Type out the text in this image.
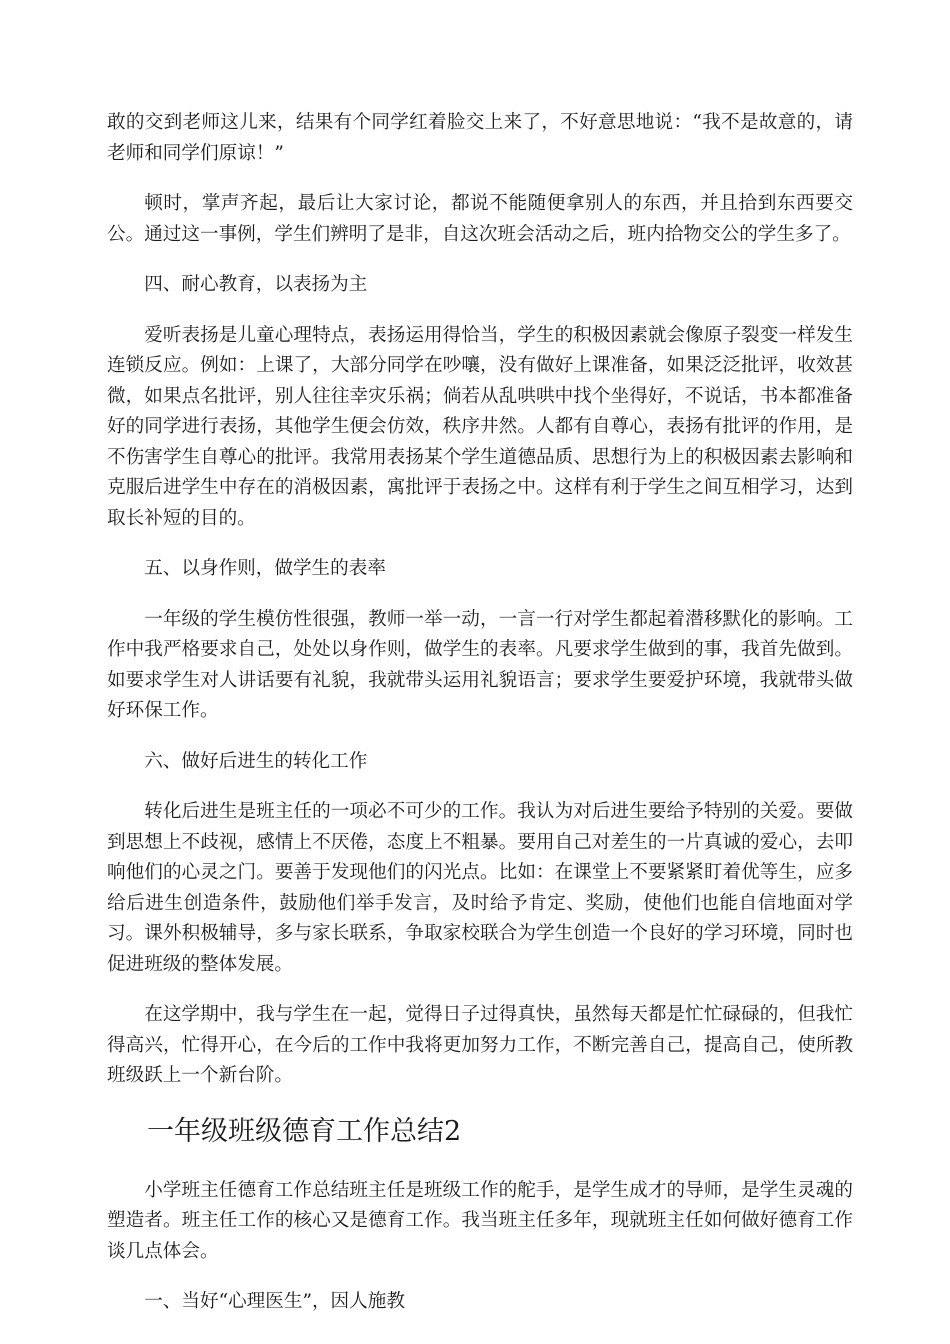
敢的交到老师这儿来，结果有个同学红着脸交上来了，不好意思地说：“我不是故意的，请老师和同学们原谅！”

顿时，掌声齐起，最后让大家讨论，都说不能随便拿别人的东西，并且拾到东西要交公。通过这一事例，学生们辨明了是非，自这次班会活动之后，班内拾物交公的学生多了。

四、耐心教育，以表扬为主

爱听表扬是儿童心理特点，表扬运用得恰当，学生的积极因素就会像原子裂变一样发生连锁反应。例如：上课了，大部分同学在吵嚷，没有做好上课准备，如果泛泛批评，收效甚微，如果点名批评，别人往往幸灾乐祸；倘若从乱哄哄中找个坐得好，不说话，书本都准备好的同学进行表扬，其他学生便会仿效，秩序井然。人都有自尊心，表扬有批评的作用，是不伤害学生自尊心的批评。我常用表扬某个学生道德品质、思想行为上的积极因素去影响和克服后进学生中存在的消极因素，寓批评于表扬之中。这样有利于学生之间互相学习，达到取长补短的目的。

五、以身作则，做学生的表率

一年级的学生模仿性很强，教师一举一动，一言一行对学生都起着潜移默化的影响。工作中我严格要求自己，处处以身作则，做学生的表率。凡要求学生做到的事，我首先做到。如要求学生对人讲话要有礼貌，我就带头运用礼貌语言；要求学生要爱护环境，我就带头做好环保工作。

六、做好后进生的转化工作

转化后进生是班主任的一项必不可少的工作。我认为对后进生要给予特别的关爱。要做到思想上不歧视，感情上不厌倦，态度上不粗暴。要用自己对差生的一片真诚的爱心，去叩响他们的心灵之门。要善于发现他们的闪光点。比如：在课堂上不要紧紧盯着优等生，应多给后进生创造条件，鼓励他们举手发言，及时给予肯定、奖励，使他们也能自信地面对学习。课外积极辅导，多与家长联系，争取家校联合为学生创造一个良好的学习环境，同时也促进班级的整体发展。

在这学期中，我与学生在一起，觉得日子过得真快，虽然每天都是忙忙碌碌的，但我忙得高兴，忙得开心，在今后的工作中我将更加努力工作，不断完善自己，提高自己，使所教班级跃上一个新台阶。

一年级班级德育工作总结2

小学班主任德育工作总结班主任是班级工作的舵手，是学生成才的导师，是学生灵魂的塑造者。班主任工作的核心又是德育工作。我当班主任多年，现就班主任如何做好德育工作谈几点体会。

一、当好“心理医生”，因人施教
